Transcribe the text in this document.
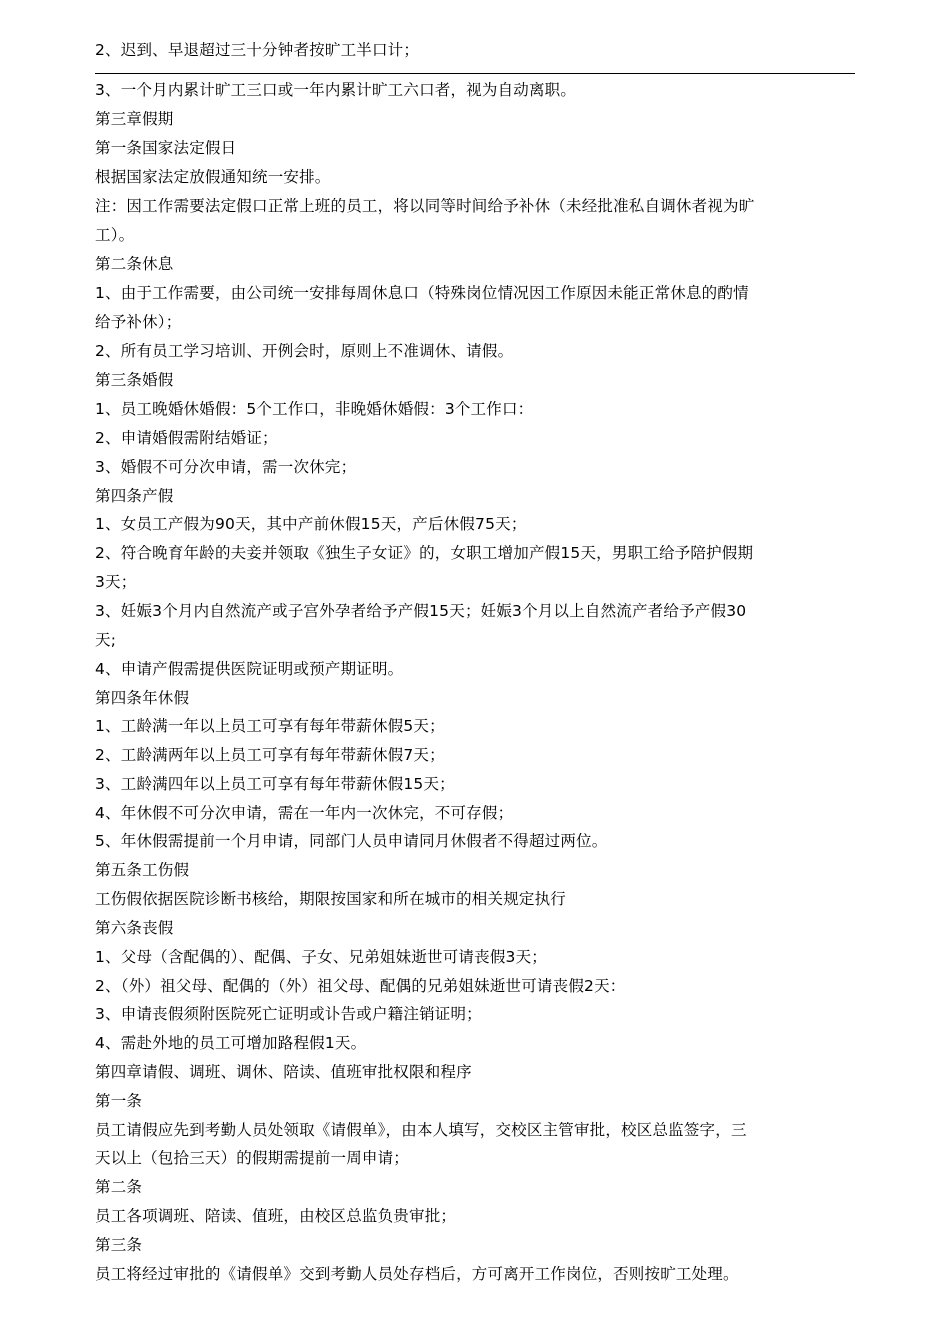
2、迟到、早退超过三十分钟者按旷工半口计；
3、一个月内累计旷工三口或一年内累计旷工六口者，视为自动离职。
第三章假期
第一条国家法定假日
根据国家法定放假通知统一安排。
注：因工作需要法定假口正常上班的员工，将以同等时间给予补休（未经批准私自调休者视为旷
工）。
第二条休息
1、由于工作需要，由公司统一安排每周休息口（特殊岗位情况因工作原因未能正常休息的酌情
给予补休）；
2、所有员工学习培训、开例会时，原则上不准调休、请假。
第三条婚假
1、员工晚婚休婚假：5个工作口，非晚婚休婚假：3个工作口：
2、申请婚假需附结婚证；
3、婚假不可分次申请，需一次休完；
第四条产假
1、女员工产假为90天，其中产前休假15天，产后休假75天；
2、符合晚育年龄的夫妾并领取《独生子女证》的，女职工增加产假15天，男职工给予陪护假期
3天；
3、妊娠3个月内自然流产或子宫外孕者给予产假15天；妊娠3个月以上自然流产者给予产假30
天;
4、申请产假需提供医院证明或预产期证明。
第四条年休假
1、工龄满一年以上员工可享有每年带薪休假5天；
2、工龄满两年以上员工可享有每年带薪休假7天；
3、工龄满四年以上员工可享有每年带薪休假15天；
4、年休假不可分次申请，需在一年内一次休完，不可存假；
5、年休假需提前一个月申请，同部门人员申请同月休假者不得超过两位。
第五条工伤假
工伤假依据医院诊断书核给，期限按国家和所在城市的相关规定执行
第六条丧假
1、父母（含配偶的）、配偶、子女、兄弟姐妹逝世可请丧假3天；
2、（外）祖父母、配偶的（外）祖父母、配偶的兄弟姐妹逝世可请丧假2天：
3、申请丧假须附医院死亡证明或讣告或户籍注销证明；
4、需赴外地的员工可增加路程假1天。
第四章请假、调班、调休、陪读、值班审批权限和程序
第一条
员工请假应先到考勤人员处领取《请假单》，由本人填写，交校区主管审批，校区总监签字，三
天以上（包拾三天）的假期需提前一周申请；
第二条
员工各项调班、陪读、值班，由校区总监负贵审批；
第三条
员工将经过审批的《请假单》交到考勤人员处存档后，方可离开工作岗位，否则按旷工处理。
